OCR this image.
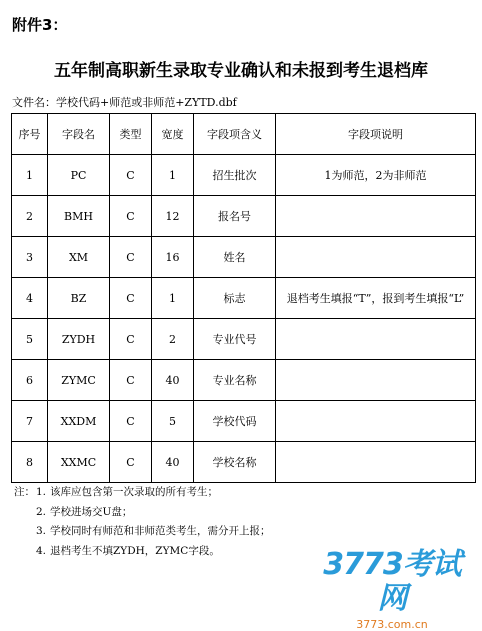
附件3：
五年制高职新生录取专业确认和未报到考生退档库
文件名：学校代码+师范或非师范+ZYTD.dbf
序号	字段名	类型	宽度	字段项含义	字段项说明
1	PC	C	1	招生批次	1为师范，2为非师范
2	BMH	C	12	报名号	
3	XM	C	16	姓名	
4	BZ	C	1	标志	退档考生填报“T”，报到考生填报“L”
5	ZYDH	C	2	专业代号	
6	ZYMC	C	40	专业名称	
7	XXDM	C	5	学校代码	
8	XXMC	C	40	学校名称	
注： 1. 该库应包含第一次录取的所有考生；
2. 学校进场交U盘；
3. 学校同时有师范和非师范类考生，需分开上报；
4. 退档考生不填ZYDH，ZYMC字段。	3773考试网
3773.com.cn
